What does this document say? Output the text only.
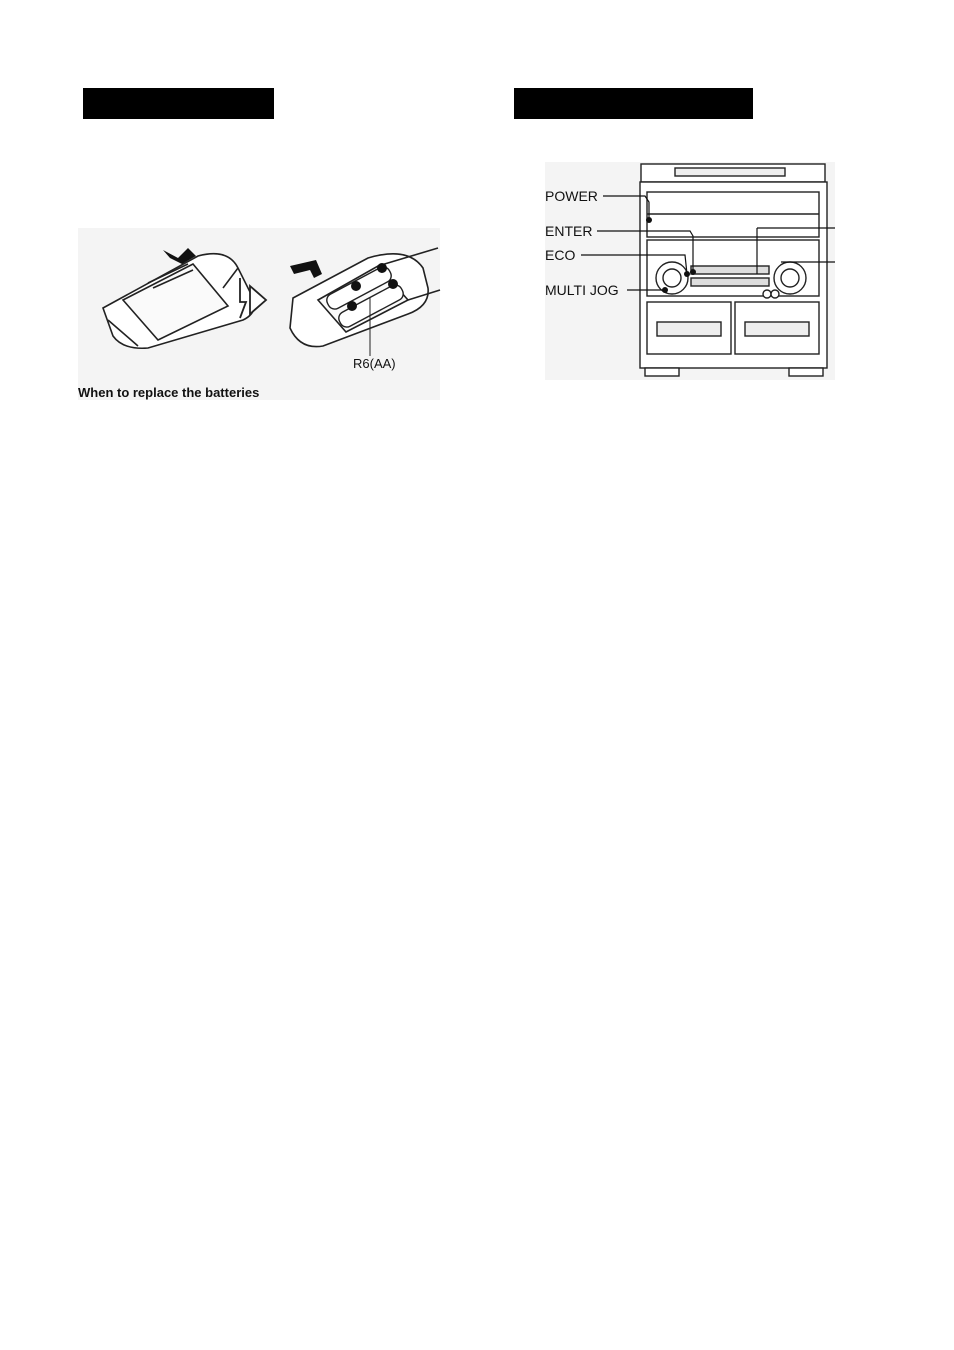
R6(AA)
When to replace the batteries
POWER
ENTER
ECO
MULTI JOG
